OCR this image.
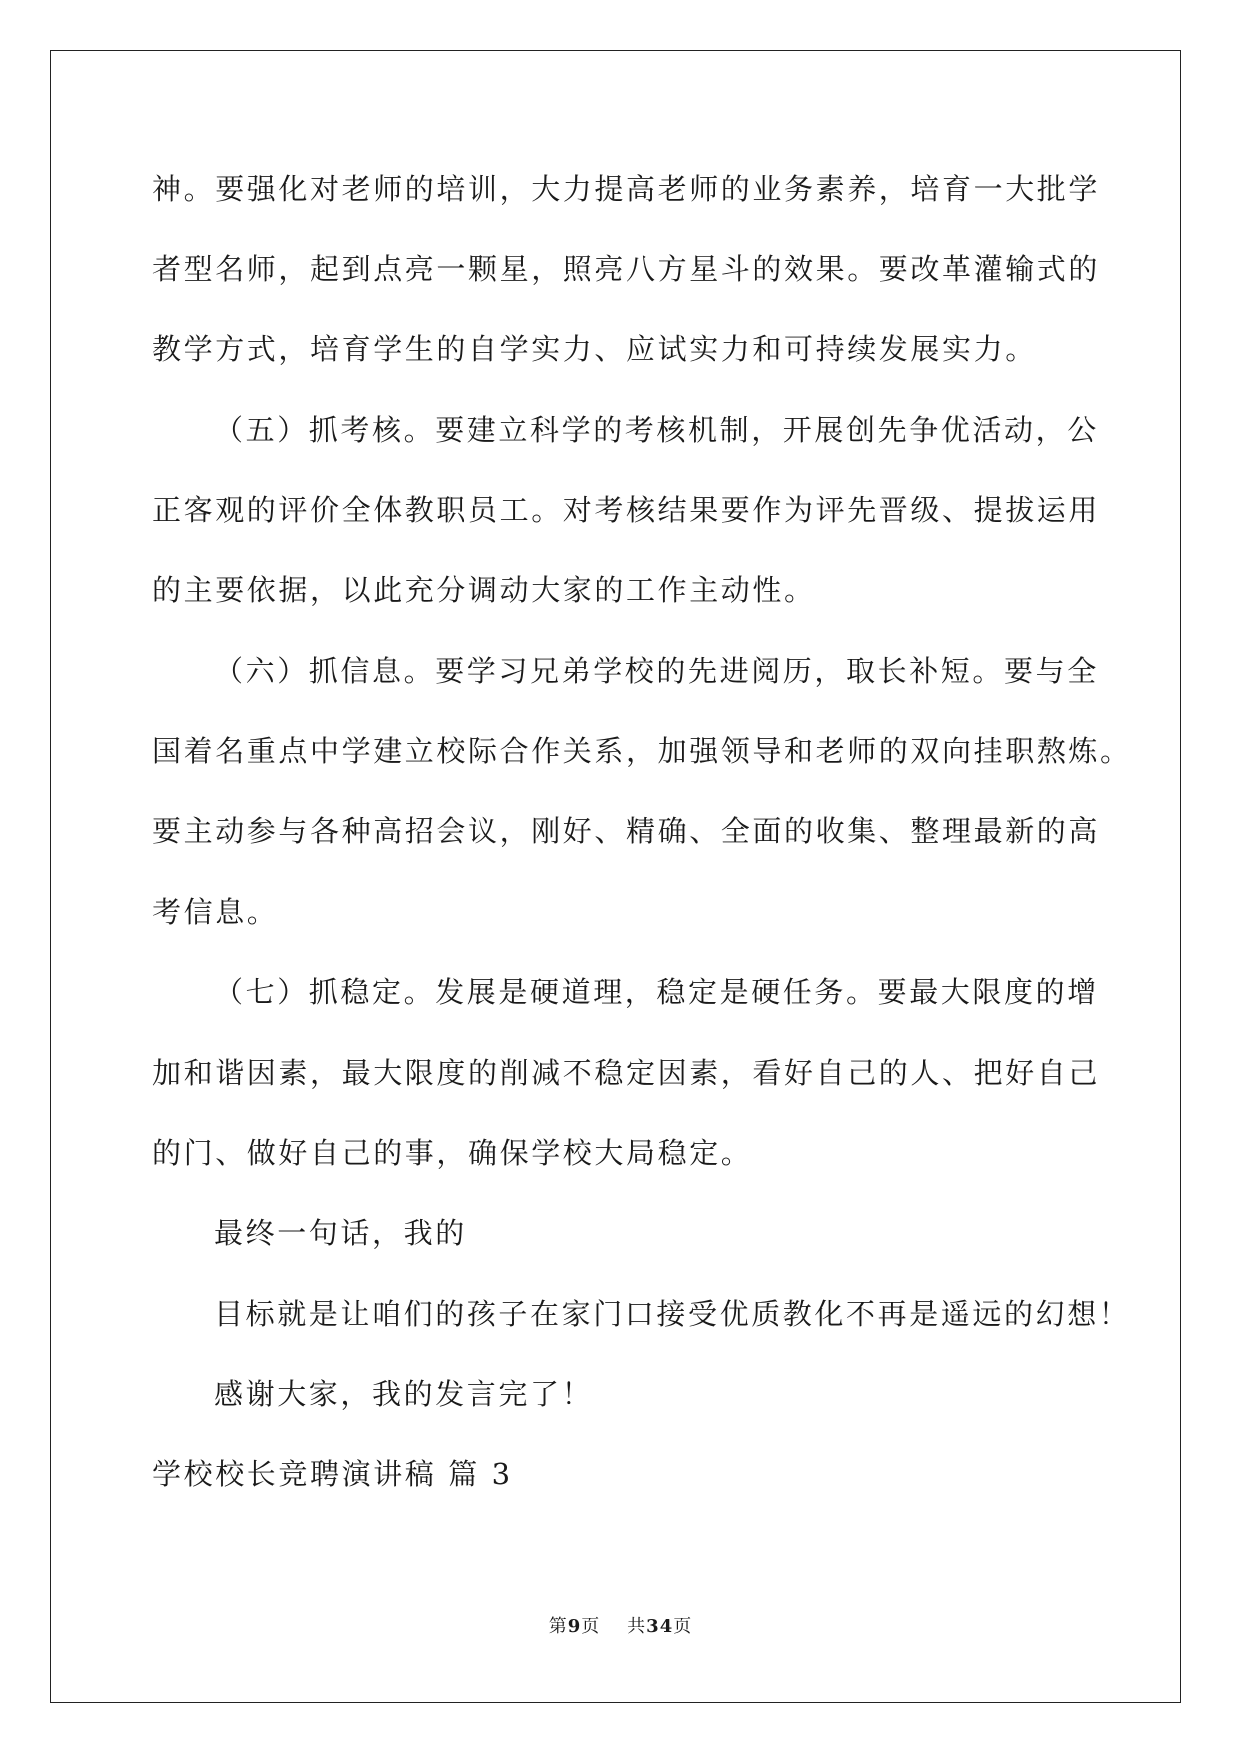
神。要强化对老师的培训，大力提高老师的业务素养，培育一大批学
者型名师，起到点亮一颗星，照亮八方星斗的效果。要改革灌输式的
教学方式，培育学生的自学实力、应试实力和可持续发展实力。
（五）抓考核。要建立科学的考核机制，开展创先争优活动，公
正客观的评价全体教职员工。对考核结果要作为评先晋级、提拔运用
的主要依据，以此充分调动大家的工作主动性。
（六）抓信息。要学习兄弟学校的先进阅历，取长补短。要与全
国着名重点中学建立校际合作关系，加强领导和老师的双向挂职熬炼。
要主动参与各种高招会议，刚好、精确、全面的收集、整理最新的高
考信息。
（七）抓稳定。发展是硬道理，稳定是硬任务。要最大限度的增
加和谐因素，最大限度的削减不稳定因素，看好自己的人、把好自己
的门、做好自己的事，确保学校大局稳定。
最终一句话，我的
目标就是让咱们的孩子在家门口接受优质教化不再是遥远的幻想！
感谢大家，我的发言完了！
学校校长竞聘演讲稿 篇 3
第9页 共34页
